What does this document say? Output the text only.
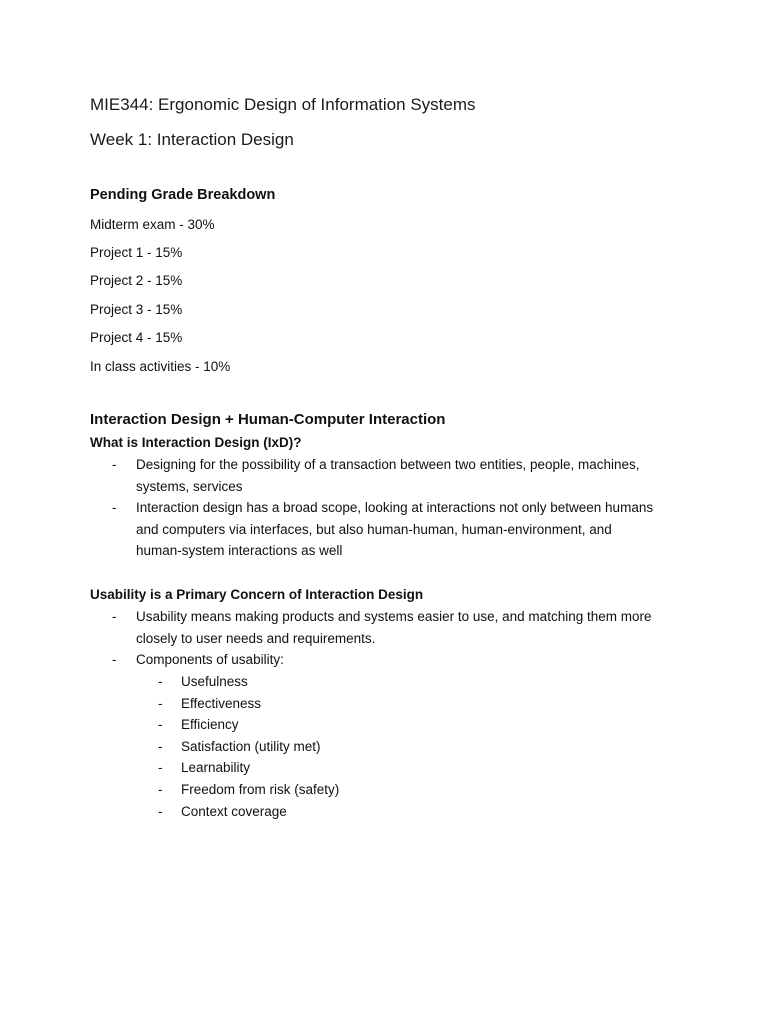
MIE344: Ergonomic Design of Information Systems
Week 1: Interaction Design
Pending Grade Breakdown
Midterm exam - 30%
Project 1 - 15%
Project 2 - 15%
Project 3 - 15%
Project 4 - 15%
In class activities - 10%
Interaction Design + Human-Computer Interaction
What is Interaction Design (IxD)?
-	Designing for the possibility of a transaction between two entities, people, machines,
systems, services
-	Interaction design has a broad scope, looking at interactions not only between humans
and computers via interfaces, but also human-human, human-environment, and
human-system interactions as well
Usability is a Primary Concern of Interaction Design
-	Usability means making products and systems easier to use, and matching them more
closely to user needs and requirements.
-	Components of usability:
-	Usefulness
-	Effectiveness
-	Efficiency
-	Satisfaction (utility met)
-	Learnability
-	Freedom from risk (safety)
-	Context coverage
